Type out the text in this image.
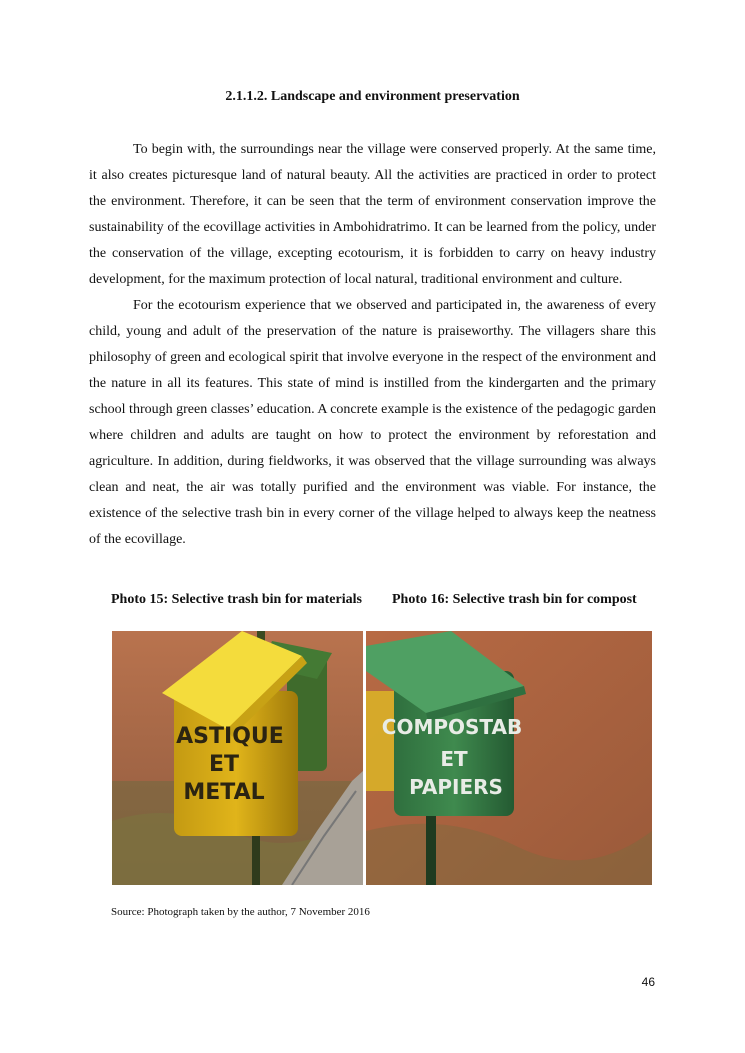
2.1.1.2. Landscape and environment preservation

To begin with, the surroundings near the village were conserved properly. At the same time, it also creates picturesque land of natural beauty. All the activities are practiced in order to protect the environment. Therefore, it can be seen that the term of environment conservation improve the sustainability of the ecovillage activities in Ambohidratrimo. It can be learned from the policy, under the conservation of the village, excepting ecotourism, it is forbidden to carry on heavy industry development, for the maximum protection of local natural, traditional environment and culture.

For the ecotourism experience that we observed and participated in, the awareness of every child, young and adult of the preservation of the nature is praiseworthy. The villagers share this philosophy of green and ecological spirit that involve everyone in the respect of the environment and the nature in all its features. This state of mind is instilled from the kindergarten and the primary school through green classes’ education. A concrete example is the existence of the pedagogic garden where children and adults are taught on how to protect the environment by reforestation and agriculture. In addition, during fieldworks, it was observed that the village surrounding was always clean and neat, the air was totally purified and the environment was viable. For instance, the existence of the selective trash bin in every corner of the village helped to always keep the neatness of the ecovillage.

Photo 15: Selective trash bin for materials Photo 16: Selective trash bin for compost
ASTIQUE
ET
METAL
COMPOSTAB
ET
PAPIERS
Source: Photograph taken by the author, 7 November 2016
46
